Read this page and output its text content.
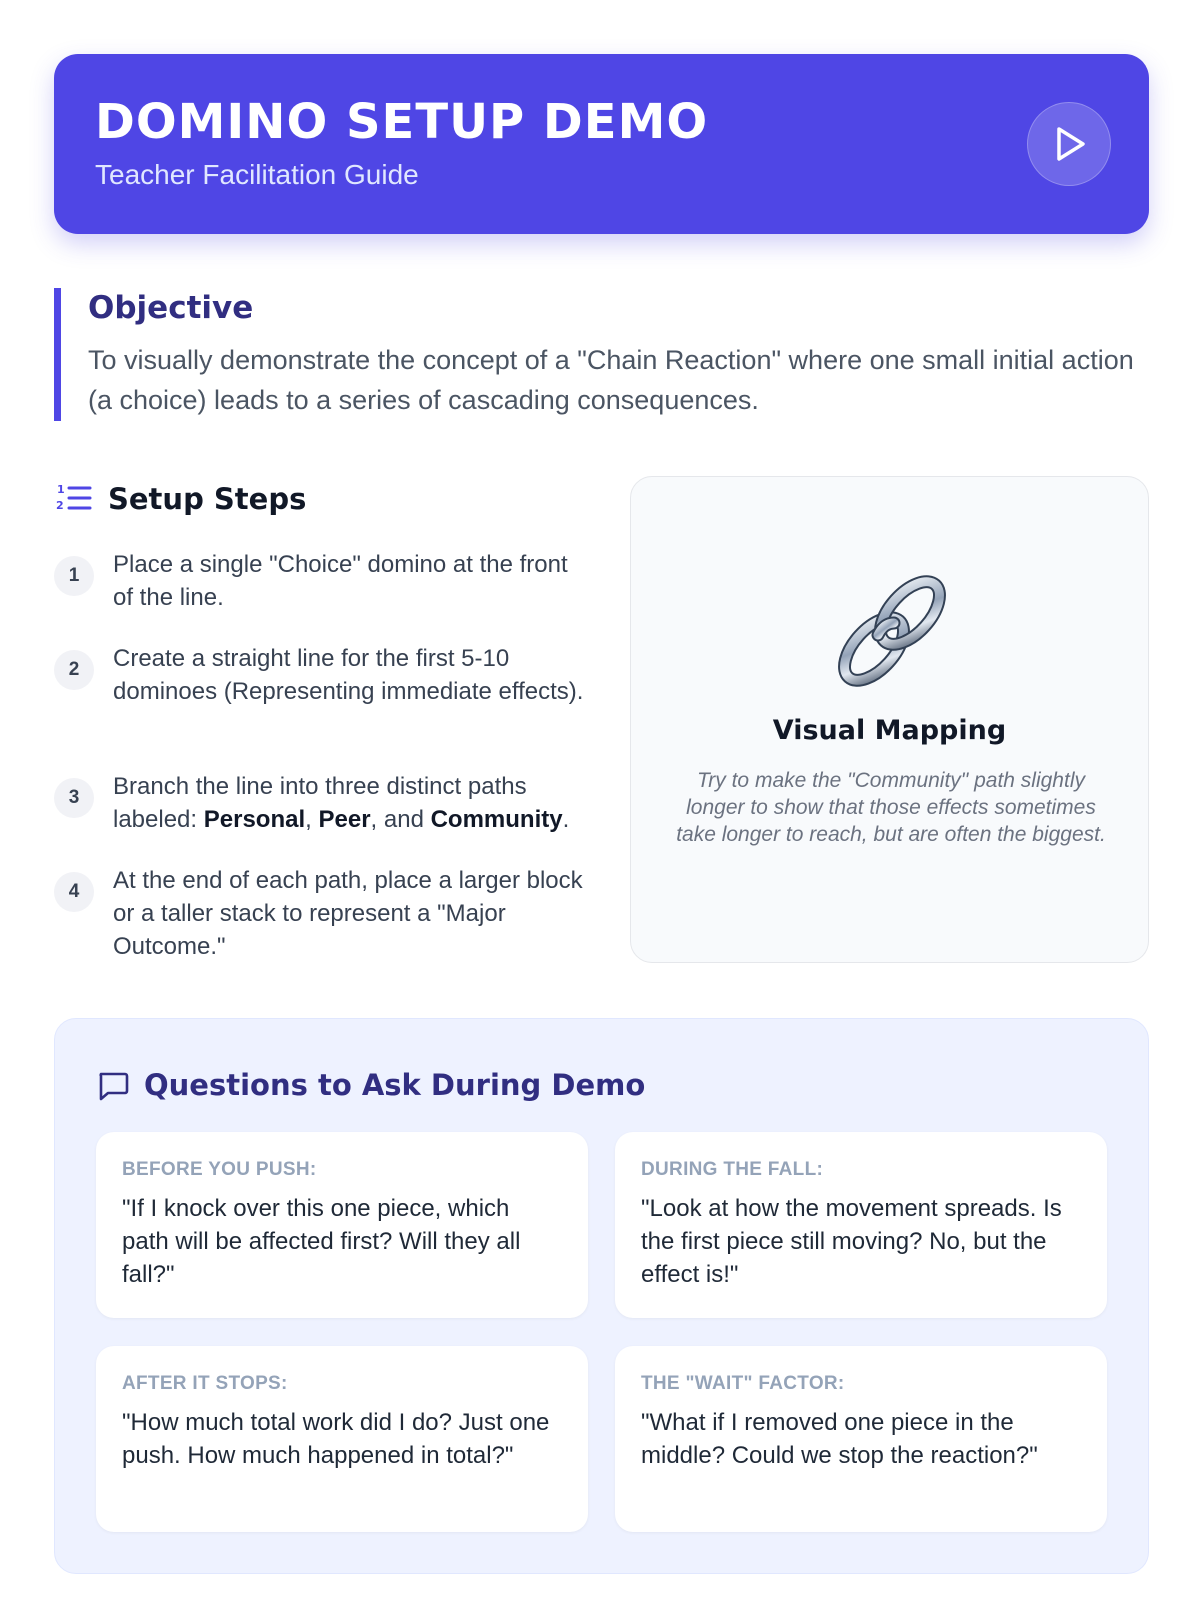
DOMINO SETUP DEMO
Teacher Facilitation Guide
Objective
To visually demonstrate the concept of a "Chain Reaction" where one small initial action (a choice) leads to a series of cascading consequences.
1
2 Setup Steps
1	Place a single "Choice" domino at the front of the line.
2	Create a straight line for the first 5-10 dominoes (Representing immediate effects).
3	Branch the line into three distinct paths labeled: Personal, Peer, and Community.
4	At the end of each path, place a larger block or a taller stack to represent a "Major Outcome."
Visual Mapping
Try to make the "Community" path slightly longer to show that those effects sometimes take longer to reach, but are often the biggest.
Questions to Ask During Demo
BEFORE YOU PUSH:
"If I knock over this one piece, which path will be affected first? Will they all fall?"
DURING THE FALL:
"Look at how the movement spreads. Is the first piece still moving? No, but the effect is!"
AFTER IT STOPS:
"How much total work did I do? Just one push. How much happened in total?"
THE "WAIT" FACTOR:
"What if I removed one piece in the middle? Could we stop the reaction?"
